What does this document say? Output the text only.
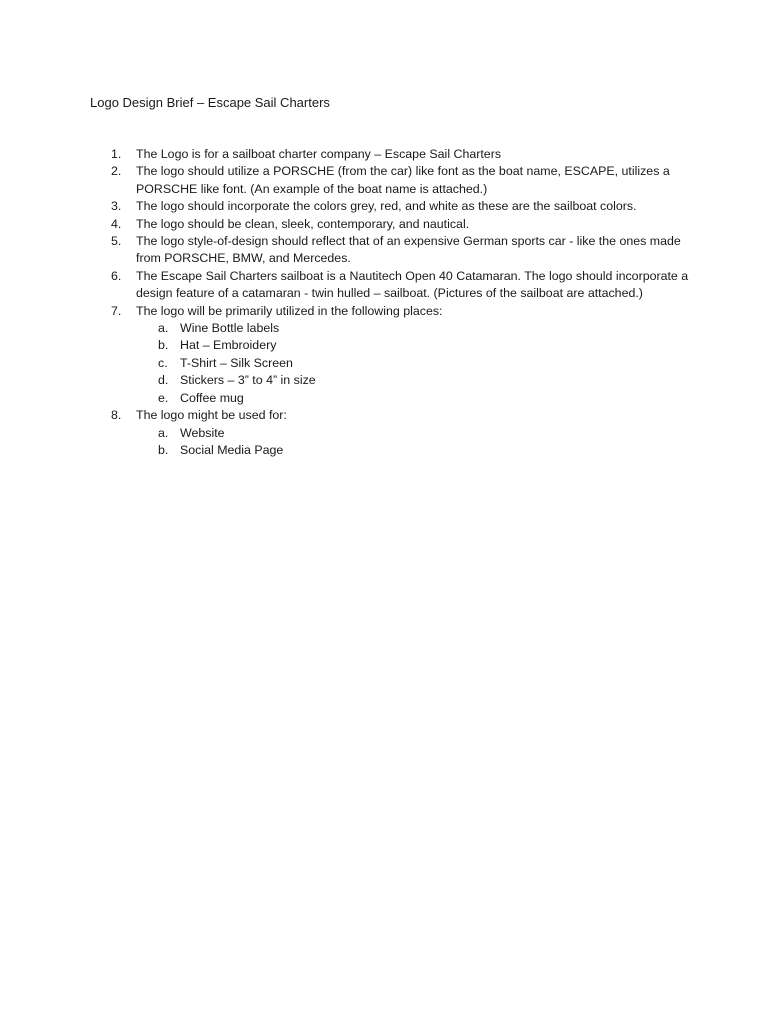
Logo Design Brief – Escape Sail Charters

1.	The Logo is for a sailboat charter company – Escape Sail Charters
2.	The logo should utilize a PORSCHE (from the car) like font as the boat name, ESCAPE, utilizes a PORSCHE like font. (An example of the boat name is attached.)
3.	The logo should incorporate the colors grey, red, and white as these are the sailboat colors.
4.	The logo should be clean, sleek, contemporary, and nautical.
5.	The logo style-of-design should reflect that of an expensive German sports car - like the ones made from PORSCHE, BMW, and Mercedes.
6.	The Escape Sail Charters sailboat is a Nautitech Open 40 Catamaran. The logo should incorporate a design feature of a catamaran - twin hulled – sailboat. (Pictures of the sailboat are attached.)
7.	The logo will be primarily utilized in the following places:
a. Wine Bottle labels
b. Hat – Embroidery
c. T-Shirt – Silk Screen
d. Stickers – 3” to 4” in size
e. Coffee mug
8.	The logo might be used for:
a. Website
b. Social Media Page
